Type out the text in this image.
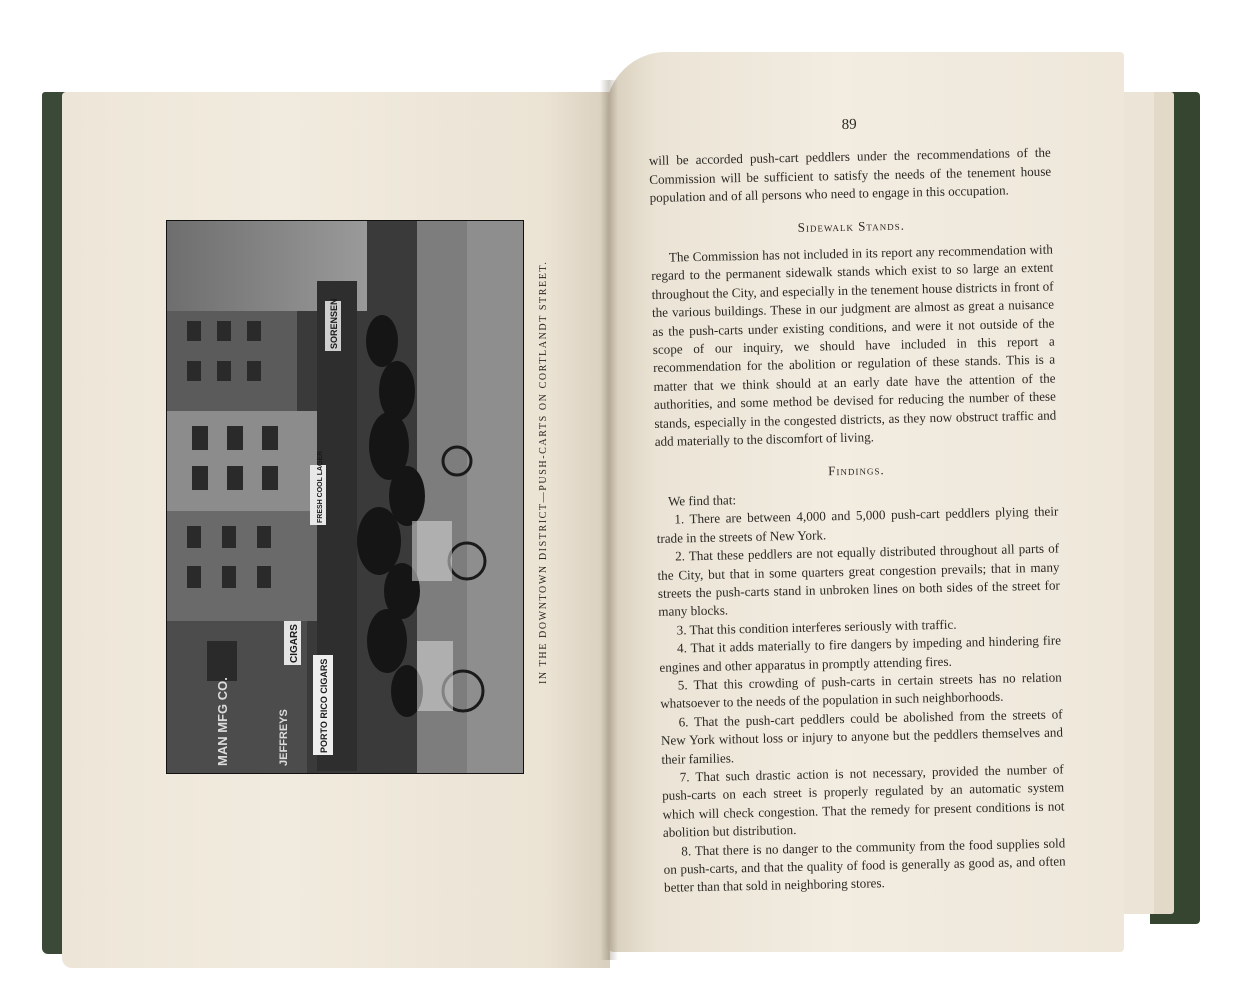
SORENSEN
FRESH COOL LAGER
CIGARS
PORTO RICO CIGARS
JEFFREYS
MAN MFG CO.
IN THE DOWNTOWN DISTRICT—PUSH-CARTS ON CORTLANDT STREET.
89

will be accorded push-cart peddlers under the recommendations of the Commission will be sufficient to satisfy the needs of the tenement house population and of all persons who need to engage in this occupation.

Sidewalk Stands.

The Commission has not included in its report any recommendation with regard to the permanent sidewalk stands which exist to so large an extent throughout the City, and especially in the tenement house districts in front of the various buildings. These in our judgment are almost as great a nuisance as the push-carts under existing conditions, and were it not outside of the scope of our inquiry, we should have included in this report a recommendation for the abolition or regulation of these stands. This is a matter that we think should at an early date have the attention of the authorities, and some method be devised for reducing the number of these stands, especially in the congested districts, as they now obstruct traffic and add materially to the discomfort of living.

Findings.

We find that:

1. There are between 4,000 and 5,000 push-cart peddlers plying their trade in the streets of New York.

2. That these peddlers are not equally distributed throughout all parts of the City, but that in some quarters great congestion prevails; that in many streets the push-carts stand in unbroken lines on both sides of the street for many blocks.

3. That this condition interferes seriously with traffic.

4. That it adds materially to fire dangers by impeding and hindering fire engines and other apparatus in promptly attending fires.

5. That this crowding of push-carts in certain streets has no relation whatsoever to the needs of the population in such neighborhoods.

6. That the push-cart peddlers could be abolished from the streets of New York without loss or injury to anyone but the peddlers themselves and their families.

7. That such drastic action is not necessary, provided the number of push-carts on each street is properly regulated by an automatic system which will check congestion. That the remedy for present conditions is not abolition but distribution.

8. That there is no danger to the community from the food supplies sold on push-carts, and that the quality of food is generally as good as, and often better than that sold in neighboring stores.
